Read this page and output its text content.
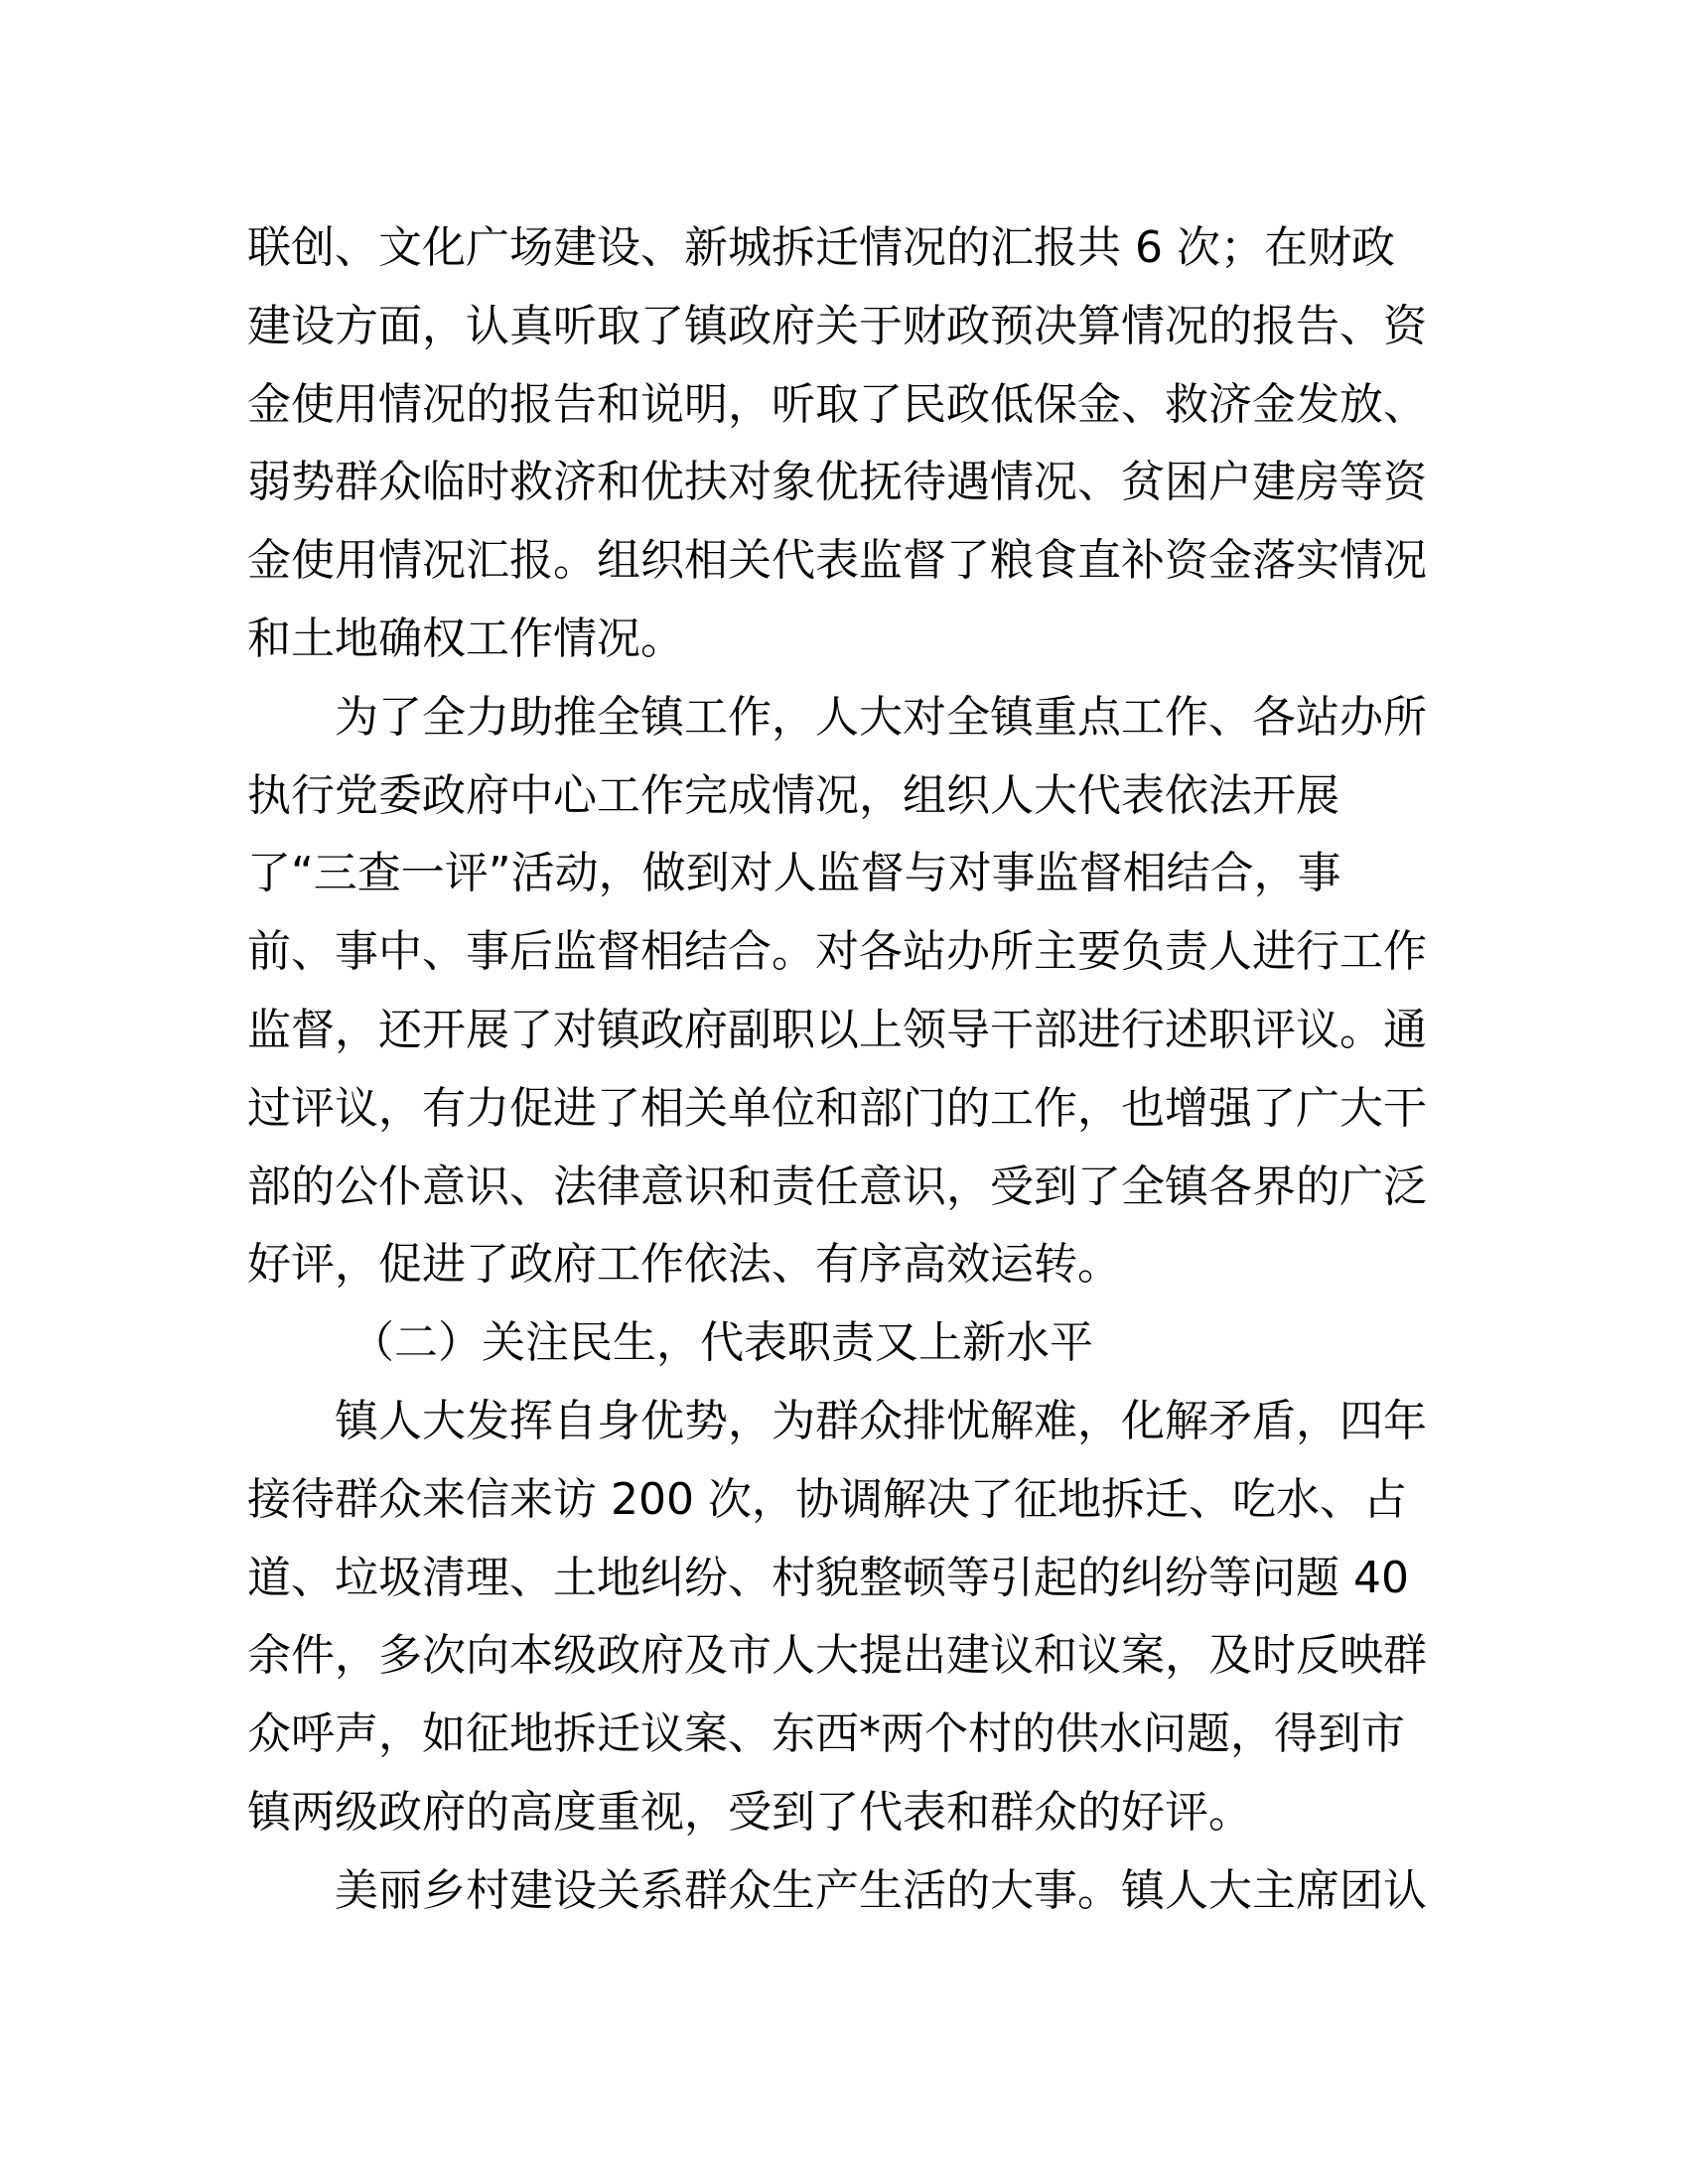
联创、文化广场建设、新城拆迁情况的汇报共 6 次；在财政
建设方面，认真听取了镇政府关于财政预决算情况的报告、资
金使用情况的报告和说明，听取了民政低保金、救济金发放、
弱势群众临时救济和优扶对象优抚待遇情况、贫困户建房等资
金使用情况汇报。组织相关代表监督了粮食直补资金落实情况
和土地确权工作情况。
为了全力助推全镇工作，人大对全镇重点工作、各站办所
执行党委政府中心工作完成情况，组织人大代表依法开展
了“三查一评”活动，做到对人监督与对事监督相结合，事
前、事中、事后监督相结合。对各站办所主要负责人进行工作
监督，还开展了对镇政府副职以上领导干部进行述职评议。通
过评议，有力促进了相关单位和部门的工作，也增强了广大干
部的公仆意识、法律意识和责任意识，受到了全镇各界的广泛
好评，促进了政府工作依法、有序高效运转。
（二）关注民生，代表职责又上新水平
镇人大发挥自身优势，为群众排忧解难，化解矛盾，四年
接待群众来信来访 200 次，协调解决了征地拆迁、吃水、占
道、垃圾清理、土地纠纷、村貌整顿等引起的纠纷等问题 40
余件，多次向本级政府及市人大提出建议和议案，及时反映群
众呼声，如征地拆迁议案、东西*两个村的供水问题，得到市
镇两级政府的高度重视，受到了代表和群众的好评。
美丽乡村建设关系群众生产生活的大事。镇人大主席团认
